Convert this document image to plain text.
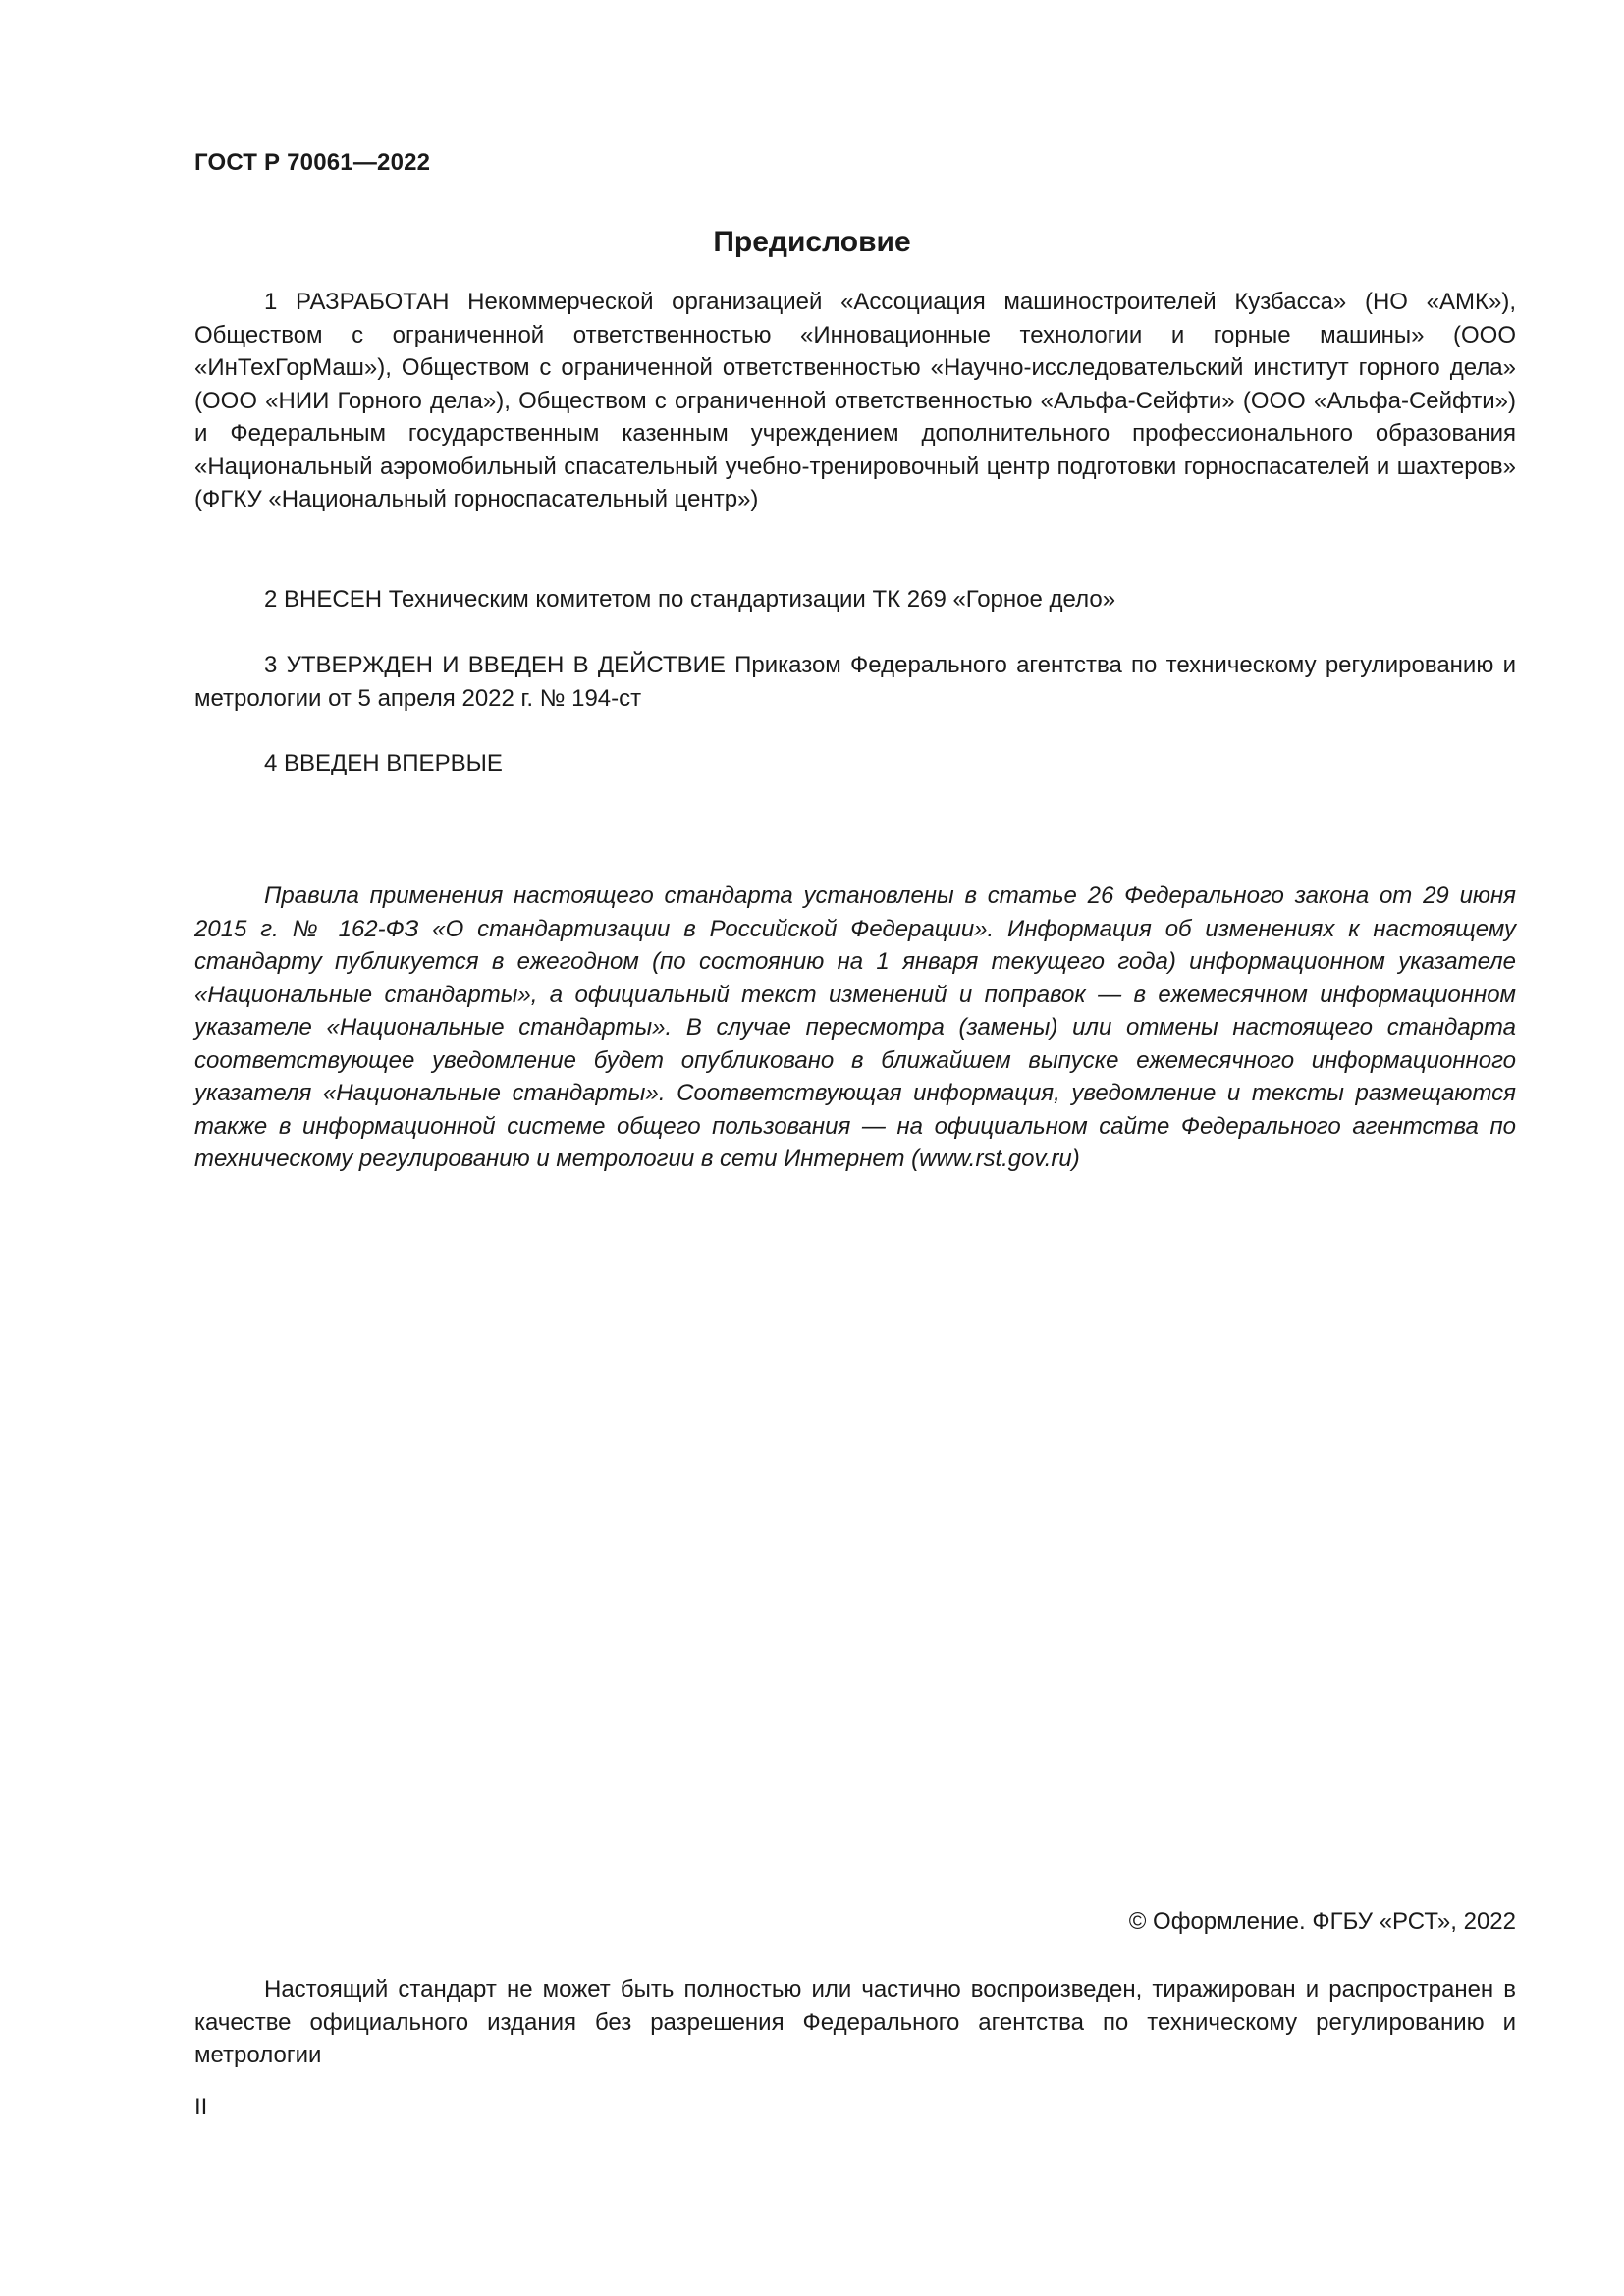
ГОСТ Р 70061—2022
Предисловие

1 РАЗРАБОТАН Некоммерческой организацией «Ассоциация машиностроителей Кузбасса» (НО «АМК»), Обществом с ограниченной ответственностью «Инновационные технологии и горные машины» (ООО «ИнТехГорМаш»), Обществом с ограниченной ответственностью «Научно-исследовательский институт горного дела» (ООО «НИИ Горного дела»), Обществом с ограниченной ответственностью «Альфа-Сейфти» (ООО «Альфа-Сейфти») и Федеральным государственным казенным учреждением дополнительного профессионального образования «Национальный аэромобильный спасательный учебно-тренировочный центр подготовки горноспасателей и шахтеров» (ФГКУ «Национальный горноспасательный центр»)

2 ВНЕСЕН Техническим комитетом по стандартизации ТК 269 «Горное дело»

3 УТВЕРЖДЕН И ВВЕДЕН В ДЕЙСТВИЕ Приказом Федерального агентства по техническому регулированию и метрологии от 5 апреля 2022 г. № 194-ст

4 ВВЕДЕН ВПЕРВЫЕ

Правила применения настоящего стандарта установлены в статье 26 Федерального закона от 29 июня 2015 г. № 162-ФЗ «О стандартизации в Российской Федерации». Информация об изменениях к настоящему стандарту публикуется в ежегодном (по состоянию на 1 января текущего года) информационном указателе «Национальные стандарты», а официальный текст изменений и поправок — в ежемесячном информационном указателе «Национальные стандарты». В случае пересмотра (замены) или отмены настоящего стандарта соответствующее уведомление будет опубликовано в ближайшем выпуске ежемесячного информационного указателя «Национальные стандарты». Соответствующая информация, уведомление и тексты размещаются также в информационной системе общего пользования — на официальном сайте Федерального агентства по техническому регулированию и метрологии в сети Интернет (www.rst.gov.ru)

© Оформление. ФГБУ «РСТ», 2022

Настоящий стандарт не может быть полностью или частично воспроизведен, тиражирован и распространен в качестве официального издания без разрешения Федерального агентства по техническому регулированию и метрологии

II
